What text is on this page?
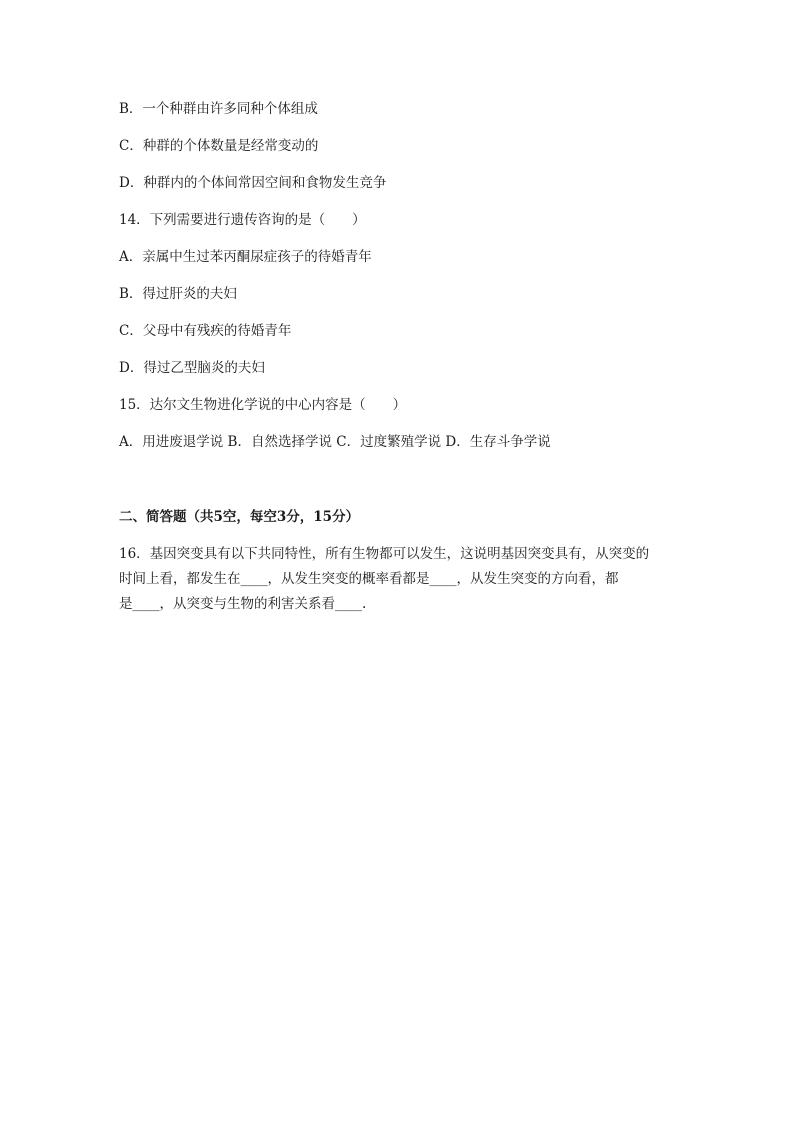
B．一个种群由许多同种个体组成
C．种群的个体数量是经常变动的
D．种群内的个体间常因空间和食物发生竞争
14．下列需要进行遗传咨询的是（　　）
A．亲属中生过苯丙酮尿症孩子的待婚青年
B．得过肝炎的夫妇
C．父母中有残疾的待婚青年
D．得过乙型脑炎的夫妇
15．达尔文生物进化学说的中心内容是（　　）
A．用进废退学说 B．自然选择学说 C．过度繁殖学说 D．生存斗争学说
二、简答题（共5空，每空3分，15分）
16．基因突变具有以下共同特性，所有生物都可以发生，这说明基因突变具有，从突变的
时间上看，都发生在____，从发生突变的概率看都是____，从发生突变的方向看，都
是____，从突变与生物的利害关系看____.
